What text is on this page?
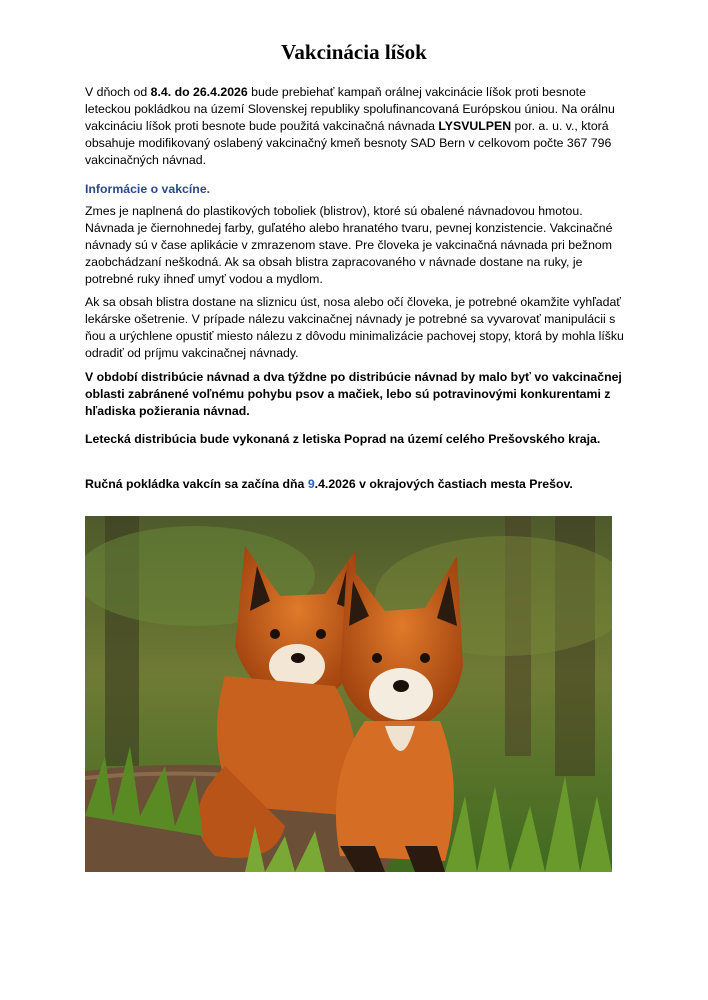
Vakcinácia líšok

V dňoch od 8.4. do 26.4.2026 bude prebiehať kampaň orálnej vakcinácie líšok proti besnote leteckou pokládkou na území Slovenskej republiky spolufinancovaná Európskou úniou. Na orálnu vakcináciu líšok proti besnote bude použitá vakcinačná návnada LYSVULPEN por. a. u. v., ktorá obsahuje modifikovaný oslabený vakcinačný kmeň besnoty SAD Bern v celkovom počte 367 796 vakcinačných návnad.

Informácie o vakcíne.

Zmes je naplnená do plastikových toboliek (blistrov), ktoré sú obalené návnadovou hmotou. Návnada je čiernohnedej farby, guľatého alebo hranatého tvaru, pevnej konzistencie. Vakcinačné návnady sú v čase aplikácie v zmrazenom stave. Pre človeka je vakcinačná návnada pri bežnom zaobchádzaní neškodná. Ak sa obsah blistra zapracovaného v návnade dostane na ruky, je potrebné ruky ihneď umyť vodou a mydlom.

Ak sa obsah blistra dostane na sliznicu úst, nosa alebo očí človeka, je potrebné okamžite vyhľadať lekárske ošetrenie. V prípade nálezu vakcinačnej návnady je potrebné sa vyvarovať manipulácii s ňou a urýchlene opustiť miesto nálezu z dôvodu minimalizácie pachovej stopy, ktorá by mohla líšku odradiť od príjmu vakcinačnej návnady.

V období distribúcie návnad a dva týždne po distribúcie návnad by malo byť vo vakcinačnej oblasti zabránené voľnému pohybu psov a mačiek, lebo sú potravinovými konkurentami z hľadiska požierania návnad.

Letecká distribúcia bude vykonaná z letiska Poprad na území celého Prešovského kraja.

Ručná pokládka vakcín sa začína dňa 9.4.2026 v okrajových častiach mesta Prešov.
